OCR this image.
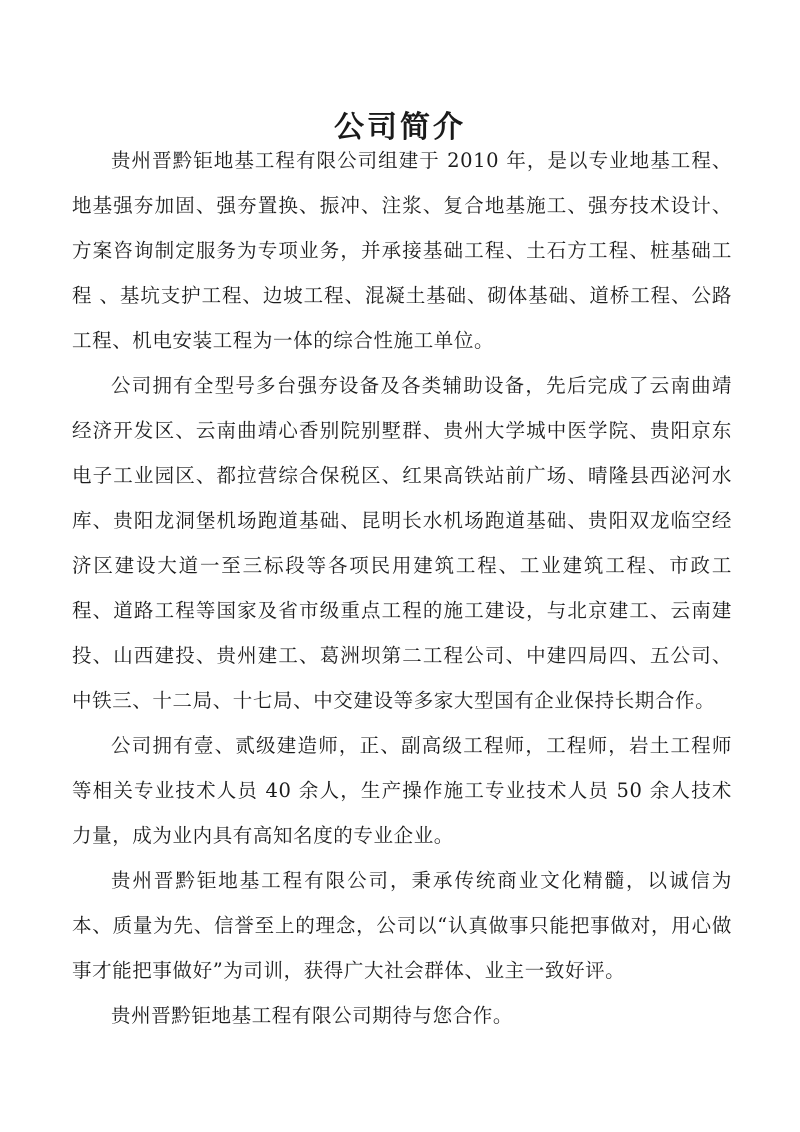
公司简介

贵州晋黔钜地基工程有限公司组建于 2010 年，是以专业地基工程、地基强夯加固、强夯置换、振冲、注浆、复合地基施工、强夯技术设计、方案咨询制定服务为专项业务，并承接基础工程、土石方工程、桩基础工程 、基坑支护工程、边坡工程、混凝土基础、砌体基础、道桥工程、公路工程、机电安装工程为一体的综合性施工单位。

公司拥有全型号多台强夯设备及各类辅助设备，先后完成了云南曲靖经济开发区、云南曲靖心香别院别墅群、贵州大学城中医学院、贵阳京东电子工业园区、都拉营综合保税区、红果高铁站前广场、晴隆县西泌河水库、贵阳龙洞堡机场跑道基础、昆明长水机场跑道基础、贵阳双龙临空经济区建设大道一至三标段等各项民用建筑工程、工业建筑工程、市政工程、道路工程等国家及省市级重点工程的施工建设，与北京建工、云南建投、山西建投、贵州建工、葛洲坝第二工程公司、中建四局四、五公司、中铁三、十二局、十七局、中交建设等多家大型国有企业保持长期合作。

公司拥有壹、贰级建造师，正、副高级工程师，工程师，岩土工程师等相关专业技术人员 40 余人，生产操作施工专业技术人员 50 余人技术力量，成为业内具有高知名度的专业企业。

贵州晋黔钜地基工程有限公司，秉承传统商业文化精髓，以诚信为本、质量为先、信誉至上的理念，公司以“认真做事只能把事做对，用心做事才能把事做好”为司训，获得广大社会群体、业主一致好评。

贵州晋黔钜地基工程有限公司期待与您合作。
